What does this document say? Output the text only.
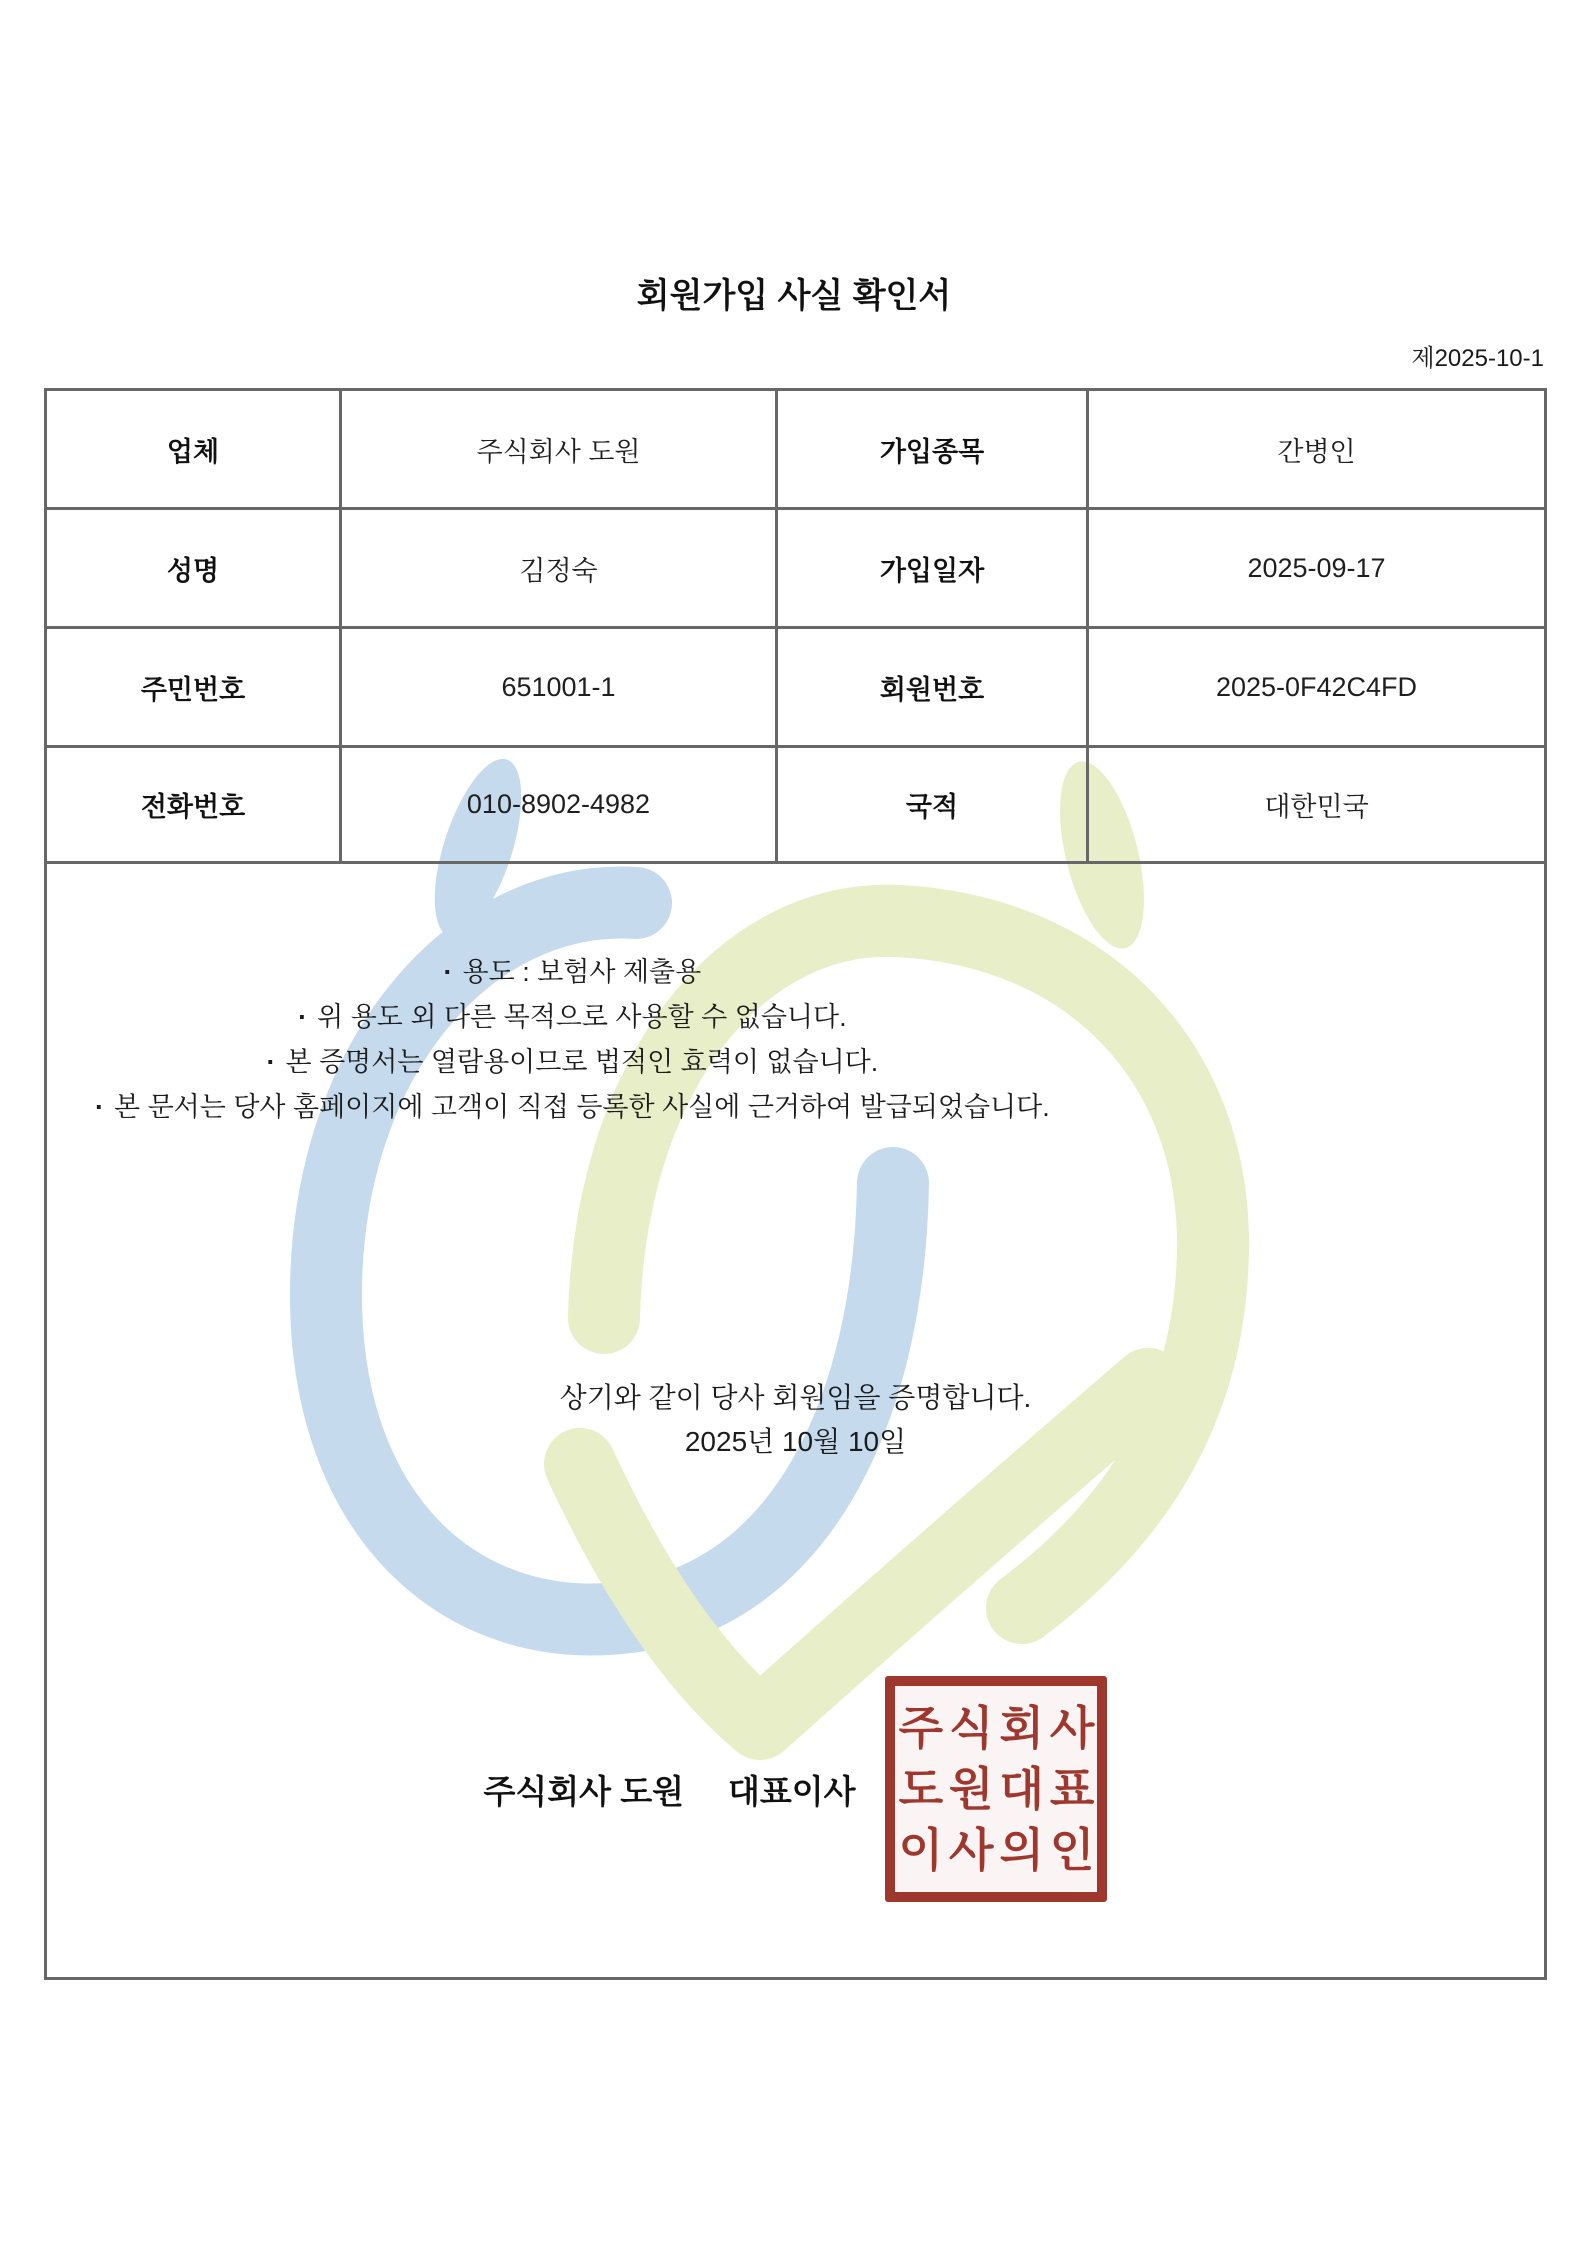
회원가입 사실 확인서
제2025-10-1
업체	주식회사 도원	가입종목	간병인
성명	김정숙	가입일자	2025-09-17
주민번호	651001-1	회원번호	2025-0F42C4FD
전화번호	010-8902-4982	국적	대한민국

· 용도 : 보험사 제출용
· 위 용도 외 다른 목적으로 사용할 수 없습니다.
· 본 증명서는 열람용이므로 법적인 효력이 없습니다.
· 본 문서는 당사 홈페이지에 고객이 직접 등록한 사실에 근거하여 발급되었습니다.
상기와 같이 당사 회원임을 증명합니다.
2025년 10월 10일
주식회사 도원 대표이사
주식회사
도원대표
이사의인
